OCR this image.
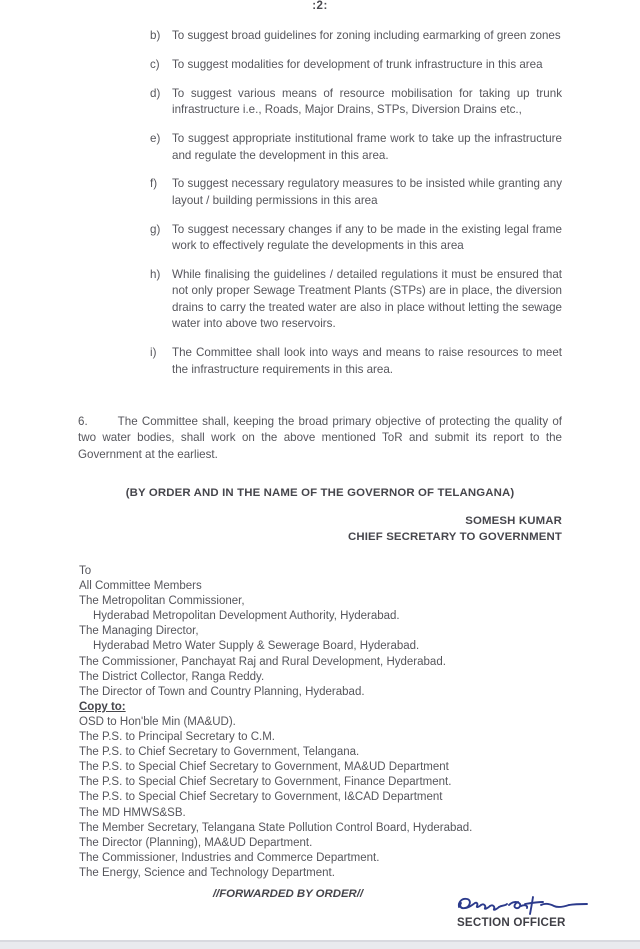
:2:
b)	To suggest broad guidelines for zoning including earmarking of green zones
c)	To suggest modalities for development of trunk infrastructure in this area
d)	To suggest various means of resource mobilisation for taking up trunk infrastructure i.e., Roads, Major Drains, STPs, Diversion Drains etc.,
e)	To suggest appropriate institutional frame work to take up the infrastructure and regulate the development in this area.
f)	To suggest necessary regulatory measures to be insisted while granting any layout / building permissions in this area
g)	To suggest necessary changes if any to be made in the existing legal frame work to effectively regulate the developments in this area
h)	While finalising the guidelines / detailed regulations it must be ensured that not only proper Sewage Treatment Plants (STPs) are in place, the diversion drains to carry the treated water are also in place without letting the sewage water into above two reservoirs.
i)	The Committee shall look into ways and means to raise resources to meet the infrastructure requirements in this area.
6.	The Committee shall, keeping the broad primary objective of protecting the quality of two water bodies, shall work on the above mentioned ToR and submit its report to the Government at the earliest.
(BY ORDER AND IN THE NAME OF THE GOVERNOR OF TELANGANA)
SOMESH KUMAR
CHIEF SECRETARY TO GOVERNMENT
To
All Committee Members
The Metropolitan Commissioner,
Hyderabad Metropolitan Development Authority, Hyderabad.
The Managing Director,
Hyderabad Metro Water Supply & Sewerage Board, Hyderabad.
The Commissioner, Panchayat Raj and Rural Development, Hyderabad.
The District Collector, Ranga Reddy.
The Director of Town and Country Planning, Hyderabad.
Copy to:
OSD to Hon'ble Min (MA&UD).
The P.S. to Principal Secretary to C.M.
The P.S. to Chief Secretary to Government, Telangana.
The P.S. to Special Chief Secretary to Government, MA&UD Department
The P.S. to Special Chief Secretary to Government, Finance Department.
The P.S. to Special Chief Secretary to Government, I&CAD Department
The MD HMWS&SB.
The Member Secretary, Telangana State Pollution Control Board, Hyderabad.
The Director (Planning), MA&UD Department.
The Commissioner, Industries and Commerce Department.
The Energy, Science and Technology Department.
//FORWARDED BY ORDER//
SECTION OFFICER
